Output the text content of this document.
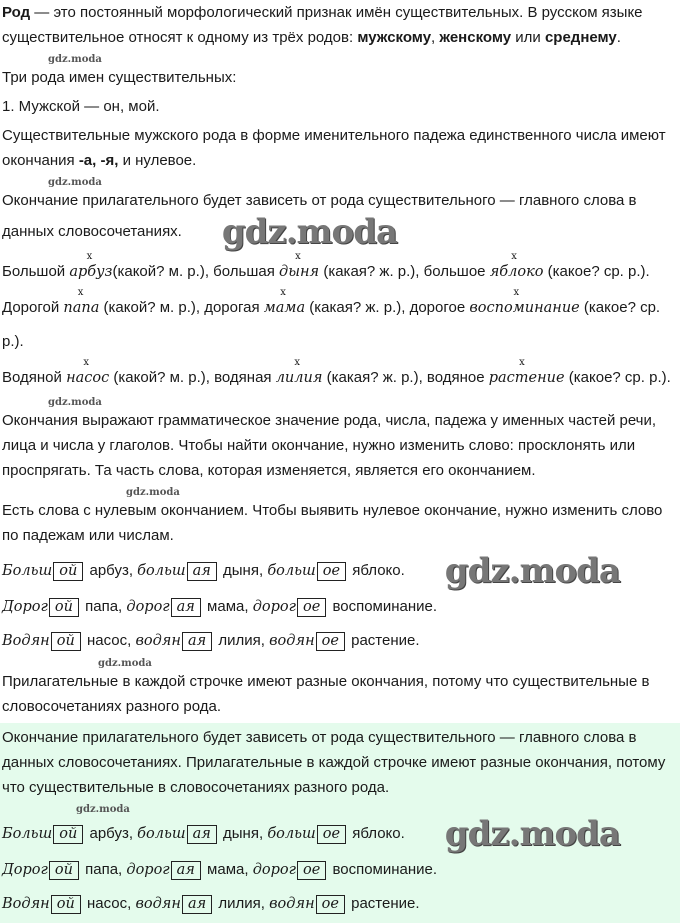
Род — это постоянный морфологический признак имён существительных. В русском языке существительное относят к одному из трёх родов: мужскому, женскому или среднему.
gdz.moda
Три рода имен существительных:
1. Мужской — он, мой.
Существительные мужского рода в форме именительного падежа единственного числа имеют окончания -а, -я, и нулевое.
gdz.moda
Окончание прилагательного будет зависеть от рода существительного — главного слова в данных словосочетаниях. gdz.moda
Большой
x
арбуз(какой? м. р.), большая
x
дыня (какая? ж. р.), большое
x
яблоко (какое? ср. р.).
Дорогой
x
папа (какой? м. р.), дорогая
x
мама (какая? ж. р.), дорогое
x
воспоминание (какое? ср. р.).
Водяной
x
насос (какой? м. р.), водяная
x
лилия (какая? ж. р.), водяное
x
растение (какое? ср. р.).
gdz.moda
Окончания выражают грамматическое значение рода, числа, падежа у именных частей речи, лица и числа у глаголов. Чтобы найти окончание, нужно изменить слово: просклонять или проспрягать. Та часть слова, которая изменяется, является его окончанием.
gdz.moda
Есть слова с нулевым окончанием. Чтобы выявить нулевое окончание, нужно изменить слово по падежам или числам.
Больш ой арбуз, больш ая дыня, больш ое яблоко. gdz.moda
Дорог ой папа, дорог ая мама, дорог ое воспоминание.
Водян ой насос, водян ая лилия, водян ое растение.
gdz.moda
Прилагательные в каждой строчке имеют разные окончания, потому что существительные в словосочетаниях разного рода.
Окончание прилагательного будет зависеть от рода существительного — главного слова в данных словосочетаниях. Прилагательные в каждой строчке имеют разные окончания, потому что существительные в словосочетаниях разного рода.
gdz.moda
Больш ой арбуз, больш ая дыня, больш ое яблоко. gdz.moda
Дорог ой папа, дорог ая мама, дорог ое воспоминание.
Водян ой насос, водян ая лилия, водян ое растение.
